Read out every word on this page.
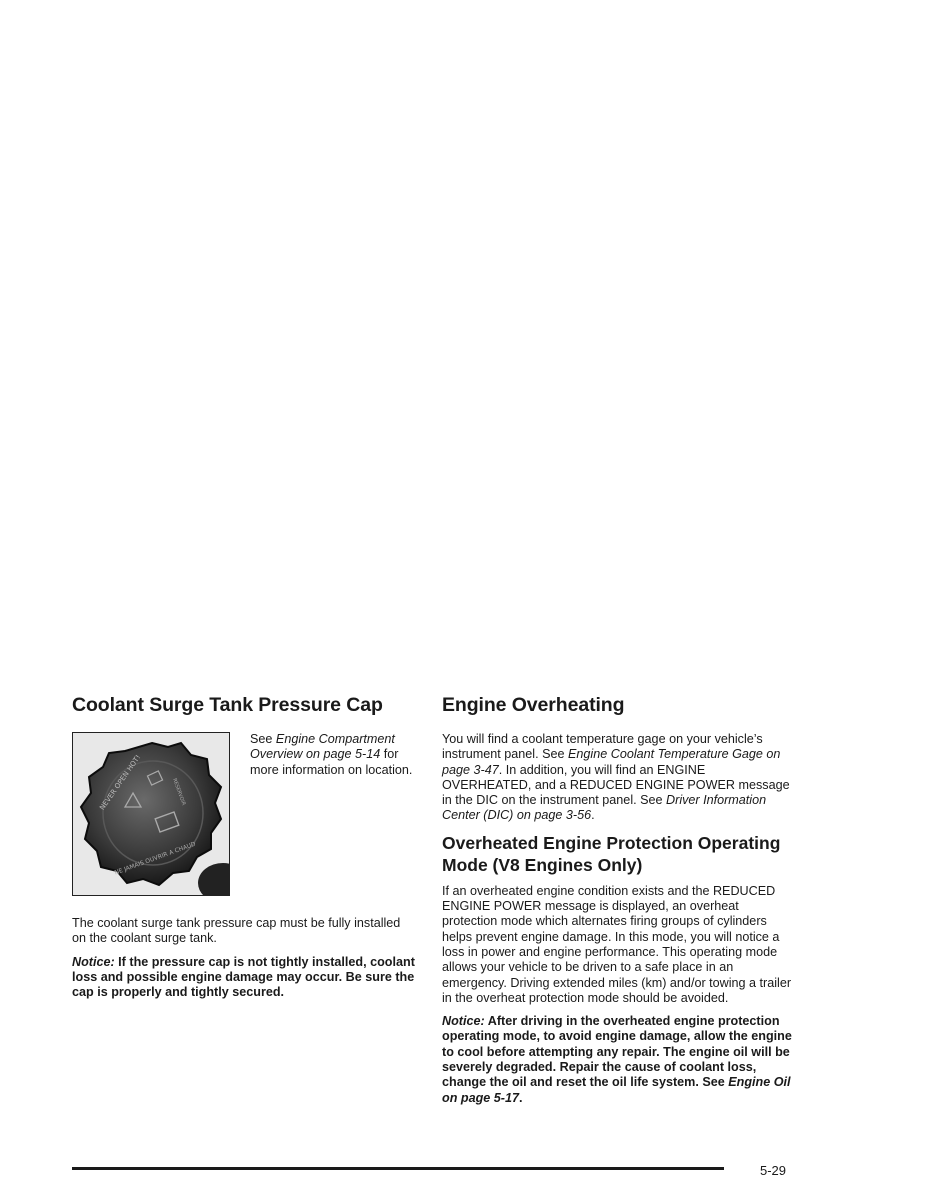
Coolant Surge Tank Pressure Cap
NEVER OPEN HOT!	RESERVOIR
NE JAMAIS OUVRIR A CHAUD

See Engine Compartment Overview on page 5-14 for more information on location.

The coolant surge tank pressure cap must be fully installed on the coolant surge tank.

Notice: If the pressure cap is not tightly installed, coolant loss and possible engine damage may occur. Be sure the cap is properly and tightly secured.

Engine Overheating

You will find a coolant temperature gage on your vehicle’s instrument panel. See Engine Coolant Temperature Gage on page 3-47. In addition, you will find an ENGINE OVERHEATED, and a REDUCED ENGINE POWER message in the DIC on the instrument panel. See Driver Information Center (DIC) on page 3-56.

Overheated Engine Protection Operating Mode (V8 Engines Only)

If an overheated engine condition exists and the REDUCED ENGINE POWER message is displayed, an overheat protection mode which alternates firing groups of cylinders helps prevent engine damage. In this mode, you will notice a loss in power and engine performance. This operating mode allows your vehicle to be driven to a safe place in an emergency. Driving extended miles (km) and/or towing a trailer in the overheat protection mode should be avoided.

Notice: After driving in the overheated engine protection operating mode, to avoid engine damage, allow the engine to cool before attempting any repair. The engine oil will be severely degraded. Repair the cause of coolant loss, change the oil and reset the oil life system. See Engine Oil on page 5-17.

5-29
